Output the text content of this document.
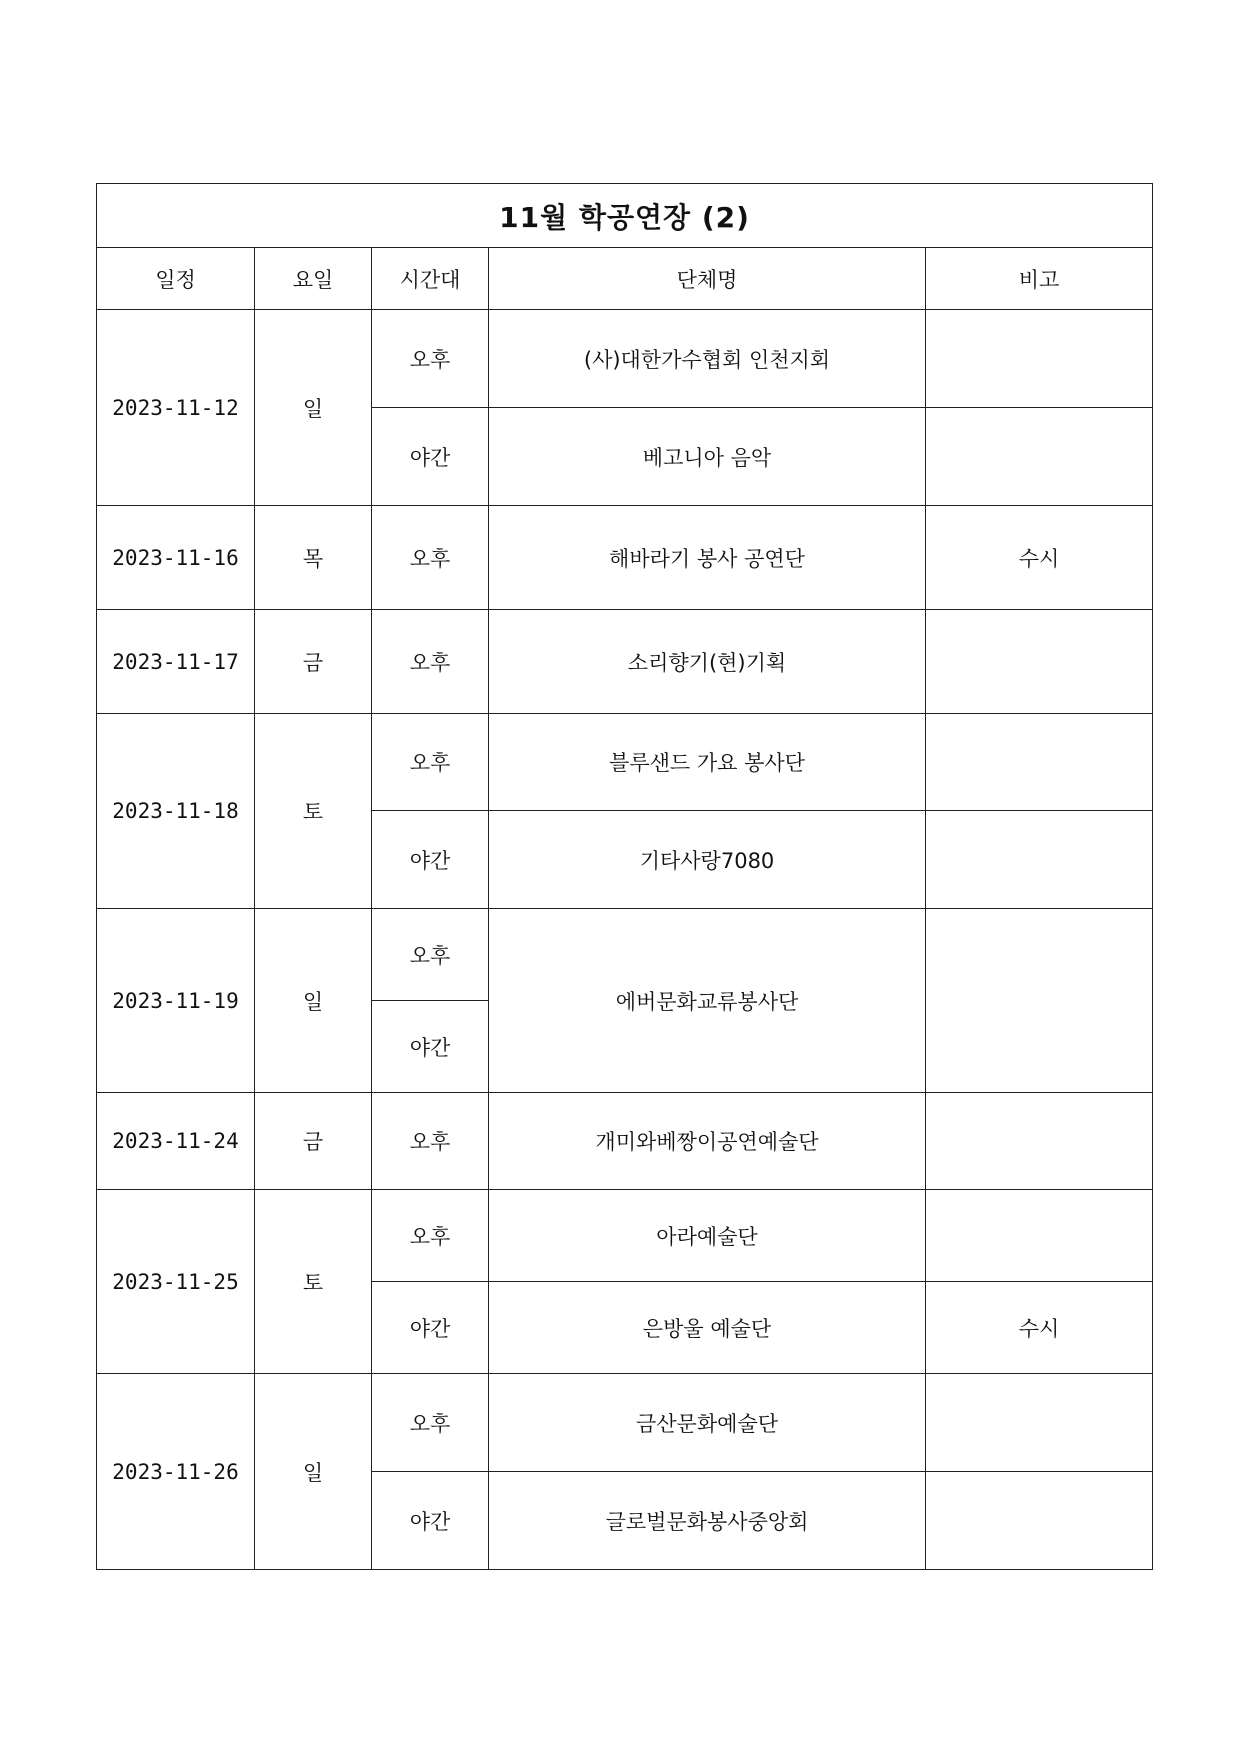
11월 학공연장 (2)				
일정	요일	시간대	단체명	비고
2023-11-12	일	오후	(사)대한가수협회 인천지회	
		야간	베고니아 음악	
2023-11-16	목	오후	해바라기 봉사 공연단	수시
2023-11-17	금	오후	소리향기(현)기획	
2023-11-18	토	오후	블루샌드 가요 봉사단	
		야간	기타사랑7080	
2023-11-19	일	오후	에버문화교류봉사단	
		야간		
2023-11-24	금	오후	개미와베짱이공연예술단	
2023-11-25	토	오후	아라예술단	
		야간	은방울 예술단	수시
2023-11-26	일	오후	금산문화예술단	
		야간	글로벌문화봉사중앙회	
